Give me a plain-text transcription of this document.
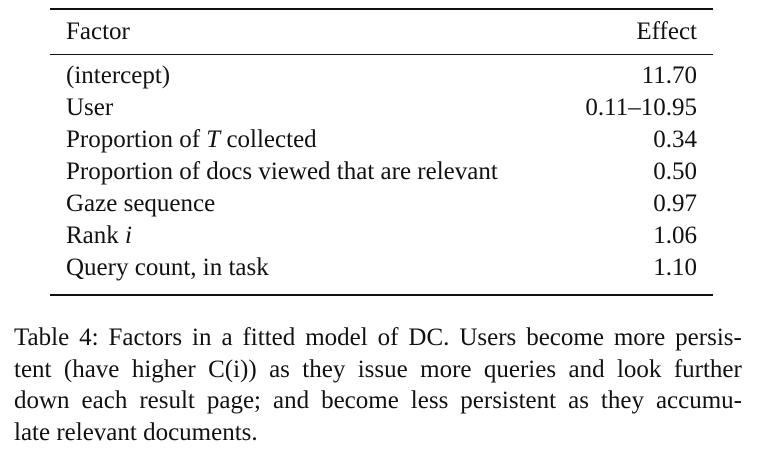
Factor	Effect
(intercept)	11.70
User	0.11–10.95
Proportion of T collected	0.34
Proportion of docs viewed that are relevant	0.50
Gaze sequence	0.97
Rank i	1.06
Query count, in task	1.10
Table 4: Factors in a fitted model of DC. Users become more persis-
tent (have higher C(i)) as they issue more queries and look further
down each result page; and become less persistent as they accumu-
late relevant documents.
